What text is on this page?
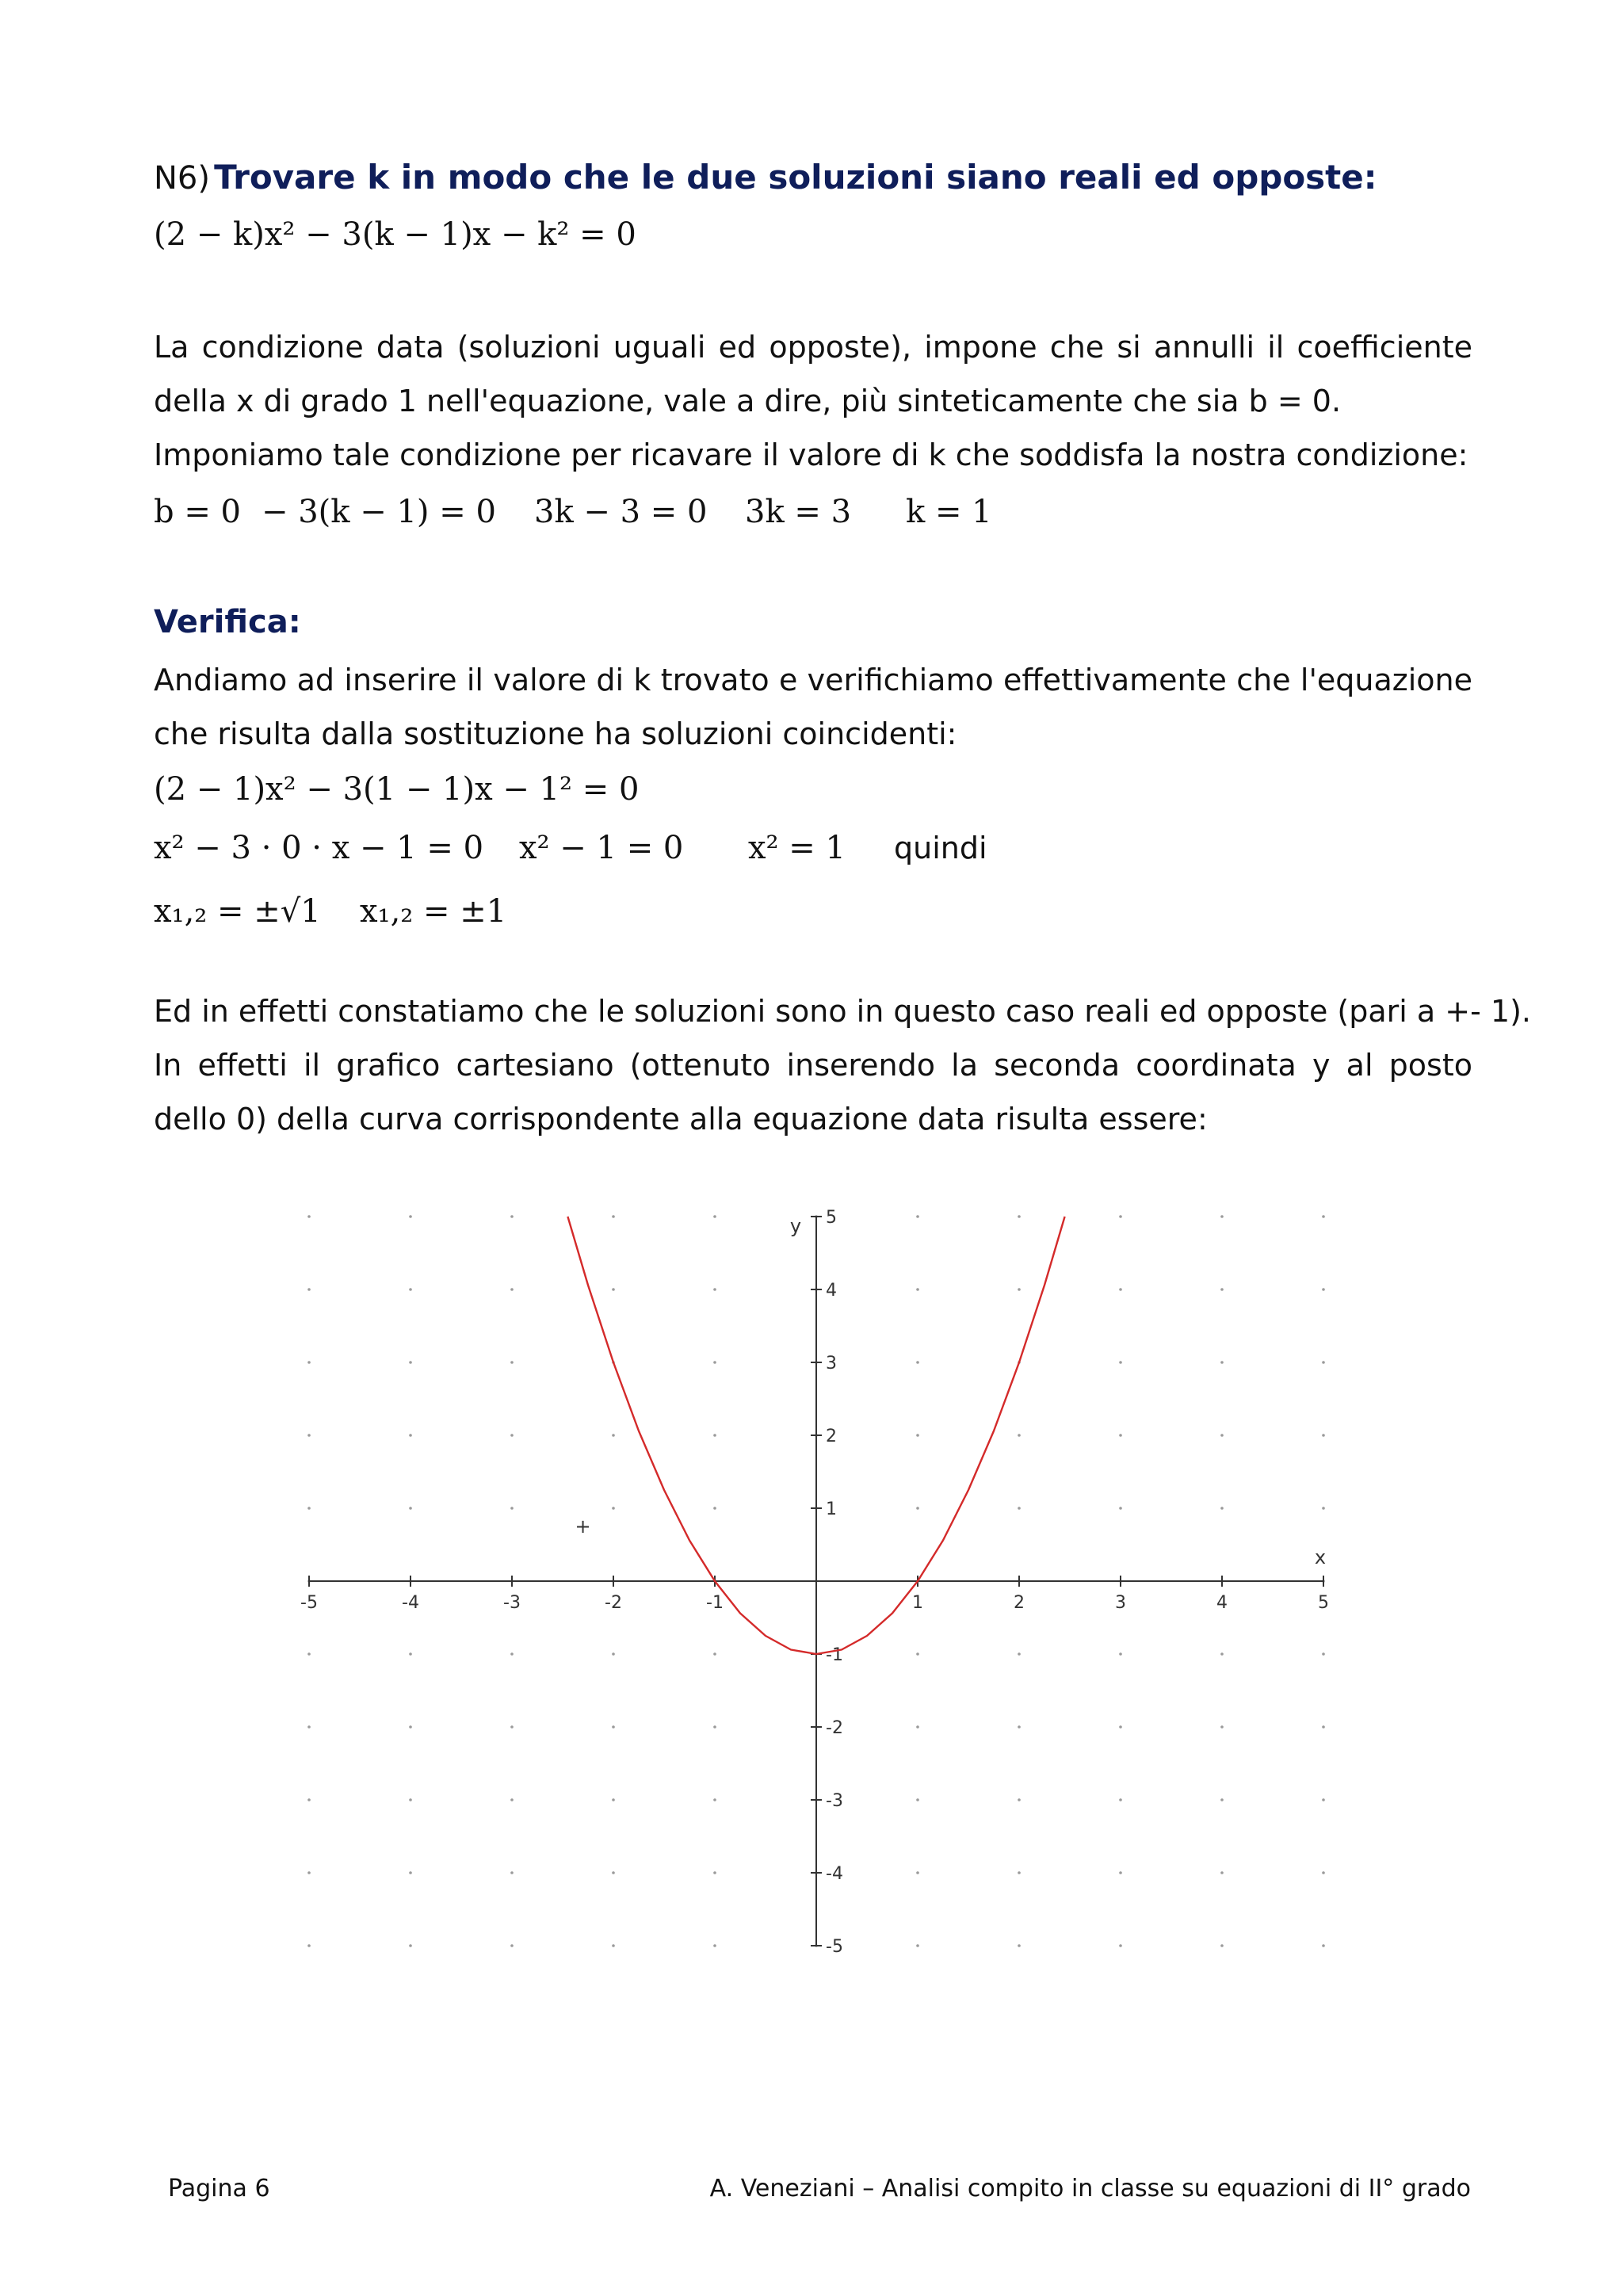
N6) Trovare k in modo che le due soluzioni siano reali ed opposte:
(2 − k)x² − 3(k − 1)x − k² = 0
La condizione data (soluzioni uguali ed opposte), impone che si annulli il coefficiente della x di grado 1 nell'equazione, vale a dire, più sinteticamente che sia b = 0.
Imponiamo tale condizione per ricavare il valore di k che soddisfa la nostra condizione:
b = 0 − 3(k − 1) = 0 3k − 3 = 0 3k = 3 k = 1
Verifica:
Andiamo ad inserire il valore di k trovato e verifichiamo effettivamente che l'equazione che risulta dalla sostituzione ha soluzioni coincidenti:
(2 − 1)x² − 3(1 − 1)x − 1² = 0
x² − 3 · 0 · x − 1 = 0 x² − 1 = 0 x² = 1 quindi
x₁,₂ = ±√1 x₁,₂ = ±1
Ed in effetti constatiamo che le soluzioni sono in questo caso reali ed opposte (pari a +- 1).
In effetti il grafico cartesiano (ottenuto inserendo la seconda coordinata y al posto dello 0) della curva corrispondente alla equazione data risulta essere:
-5	-4	-3	-2	-1	1	2	3	4	5
5
4
3
2
1
-1
-2
-3
-4
-5
x
y
+
Pagina 6	A. Veneziani – Analisi compito in classe su equazioni di II° grado
